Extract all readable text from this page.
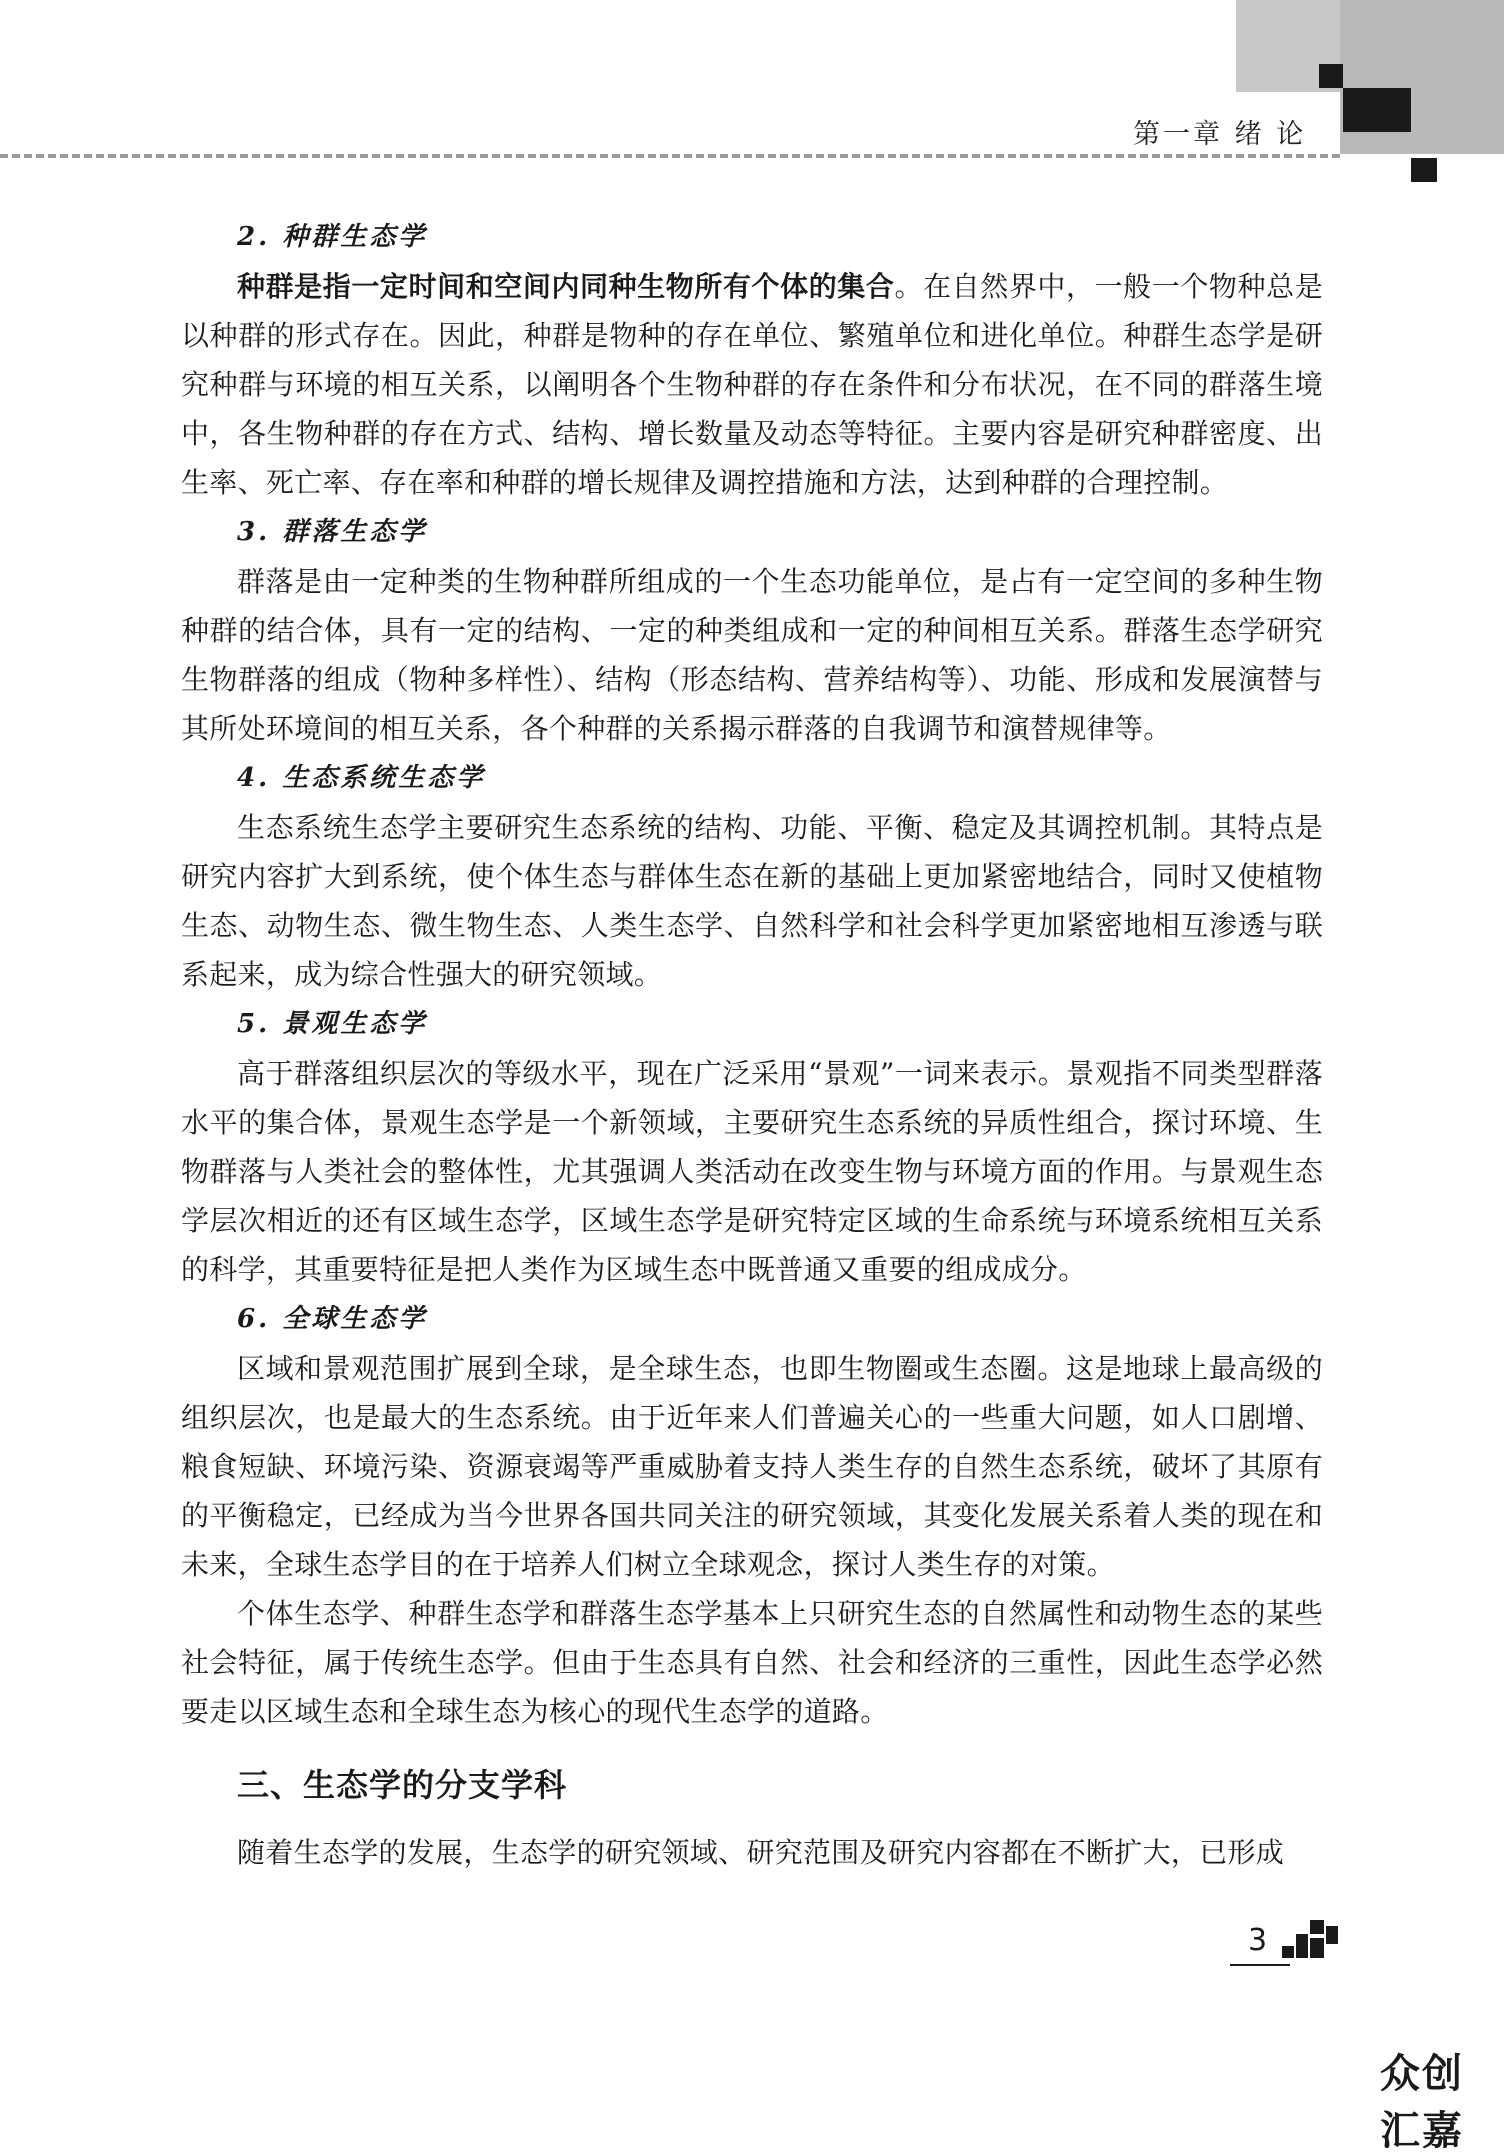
第一章 绪 论
2. 种群生态学

种群是指一定时间和空间内同种生物所有个体的集合。在自然界中，一般一个物种总是以种群的形式存在。因此，种群是物种的存在单位、繁殖单位和进化单位。种群生态学是研究种群与环境的相互关系，以阐明各个生物种群的存在条件和分布状况，在不同的群落生境中，各生物种群的存在方式、结构、增长数量及动态等特征。主要内容是研究种群密度、出生率、死亡率、存在率和种群的增长规律及调控措施和方法，达到种群的合理控制。

3. 群落生态学

群落是由一定种类的生物种群所组成的一个生态功能单位，是占有一定空间的多种生物种群的结合体，具有一定的结构、一定的种类组成和一定的种间相互关系。群落生态学研究生物群落的组成（物种多样性）、结构（形态结构、营养结构等）、功能、形成和发展演替与其所处环境间的相互关系，各个种群的关系揭示群落的自我调节和演替规律等。

4. 生态系统生态学

生态系统生态学主要研究生态系统的结构、功能、平衡、稳定及其调控机制。其特点是研究内容扩大到系统，使个体生态与群体生态在新的基础上更加紧密地结合，同时又使植物生态、动物生态、微生物生态、人类生态学、自然科学和社会科学更加紧密地相互渗透与联系起来，成为综合性强大的研究领域。

5. 景观生态学

高于群落组织层次的等级水平，现在广泛采用“景观”一词来表示。景观指不同类型群落水平的集合体，景观生态学是一个新领域，主要研究生态系统的异质性组合，探讨环境、生物群落与人类社会的整体性，尤其强调人类活动在改变生物与环境方面的作用。与景观生态学层次相近的还有区域生态学，区域生态学是研究特定区域的生命系统与环境系统相互关系的科学，其重要特征是把人类作为区域生态中既普通又重要的组成成分。

6. 全球生态学

区域和景观范围扩展到全球，是全球生态，也即生物圈或生态圈。这是地球上最高级的组织层次，也是最大的生态系统。由于近年来人们普遍关心的一些重大问题，如人口剧增、粮食短缺、环境污染、资源衰竭等严重威胁着支持人类生存的自然生态系统，破坏了其原有的平衡稳定，已经成为当今世界各国共同关注的研究领域，其变化发展关系着人类的现在和未来，全球生态学目的在于培养人们树立全球观念，探讨人类生存的对策。

个体生态学、种群生态学和群落生态学基本上只研究生态的自然属性和动物生态的某些社会特征，属于传统生态学。但由于生态具有自然、社会和经济的三重性，因此生态学必然要走以区域生态和全球生态为核心的现代生态学的道路。

三、生态学的分支学科

随着生态学的发展，生态学的研究领域、研究范围及研究内容都在不断扩大，已形成

3
众创汇嘉
